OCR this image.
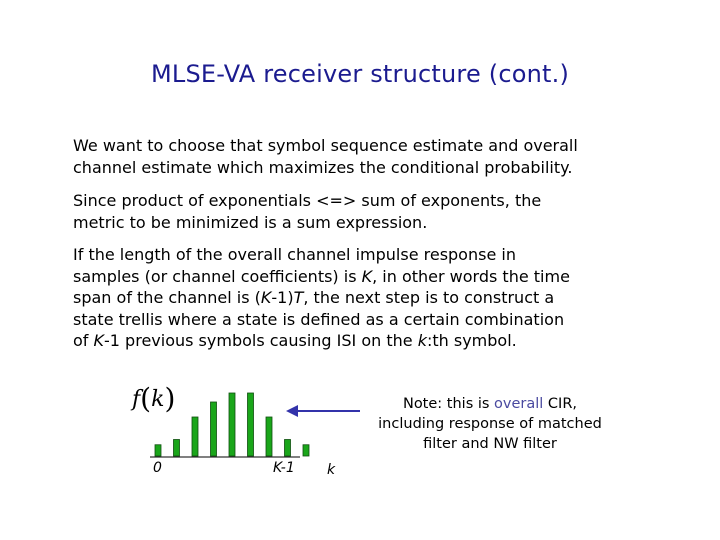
MLSE-VA receiver structure (cont.)

We want to choose that symbol sequence estimate and overall
channel estimate which maximizes the conditional probability.

Since product of exponentials <=> sum of exponents, the
metric to be minimized is a sum expression.

If the length of the overall channel impulse response in
samples (or channel coefficients) is K, in other words the time
span of the channel is (K-1)T, the next step is to construct a
state trellis where a state is defined as a certain combination
of K-1 previous symbols causing ISI on the k:th symbol.

f(k)
0	K-1 k
Note: this is overall CIR,
including response of matched
filter and NW filter
